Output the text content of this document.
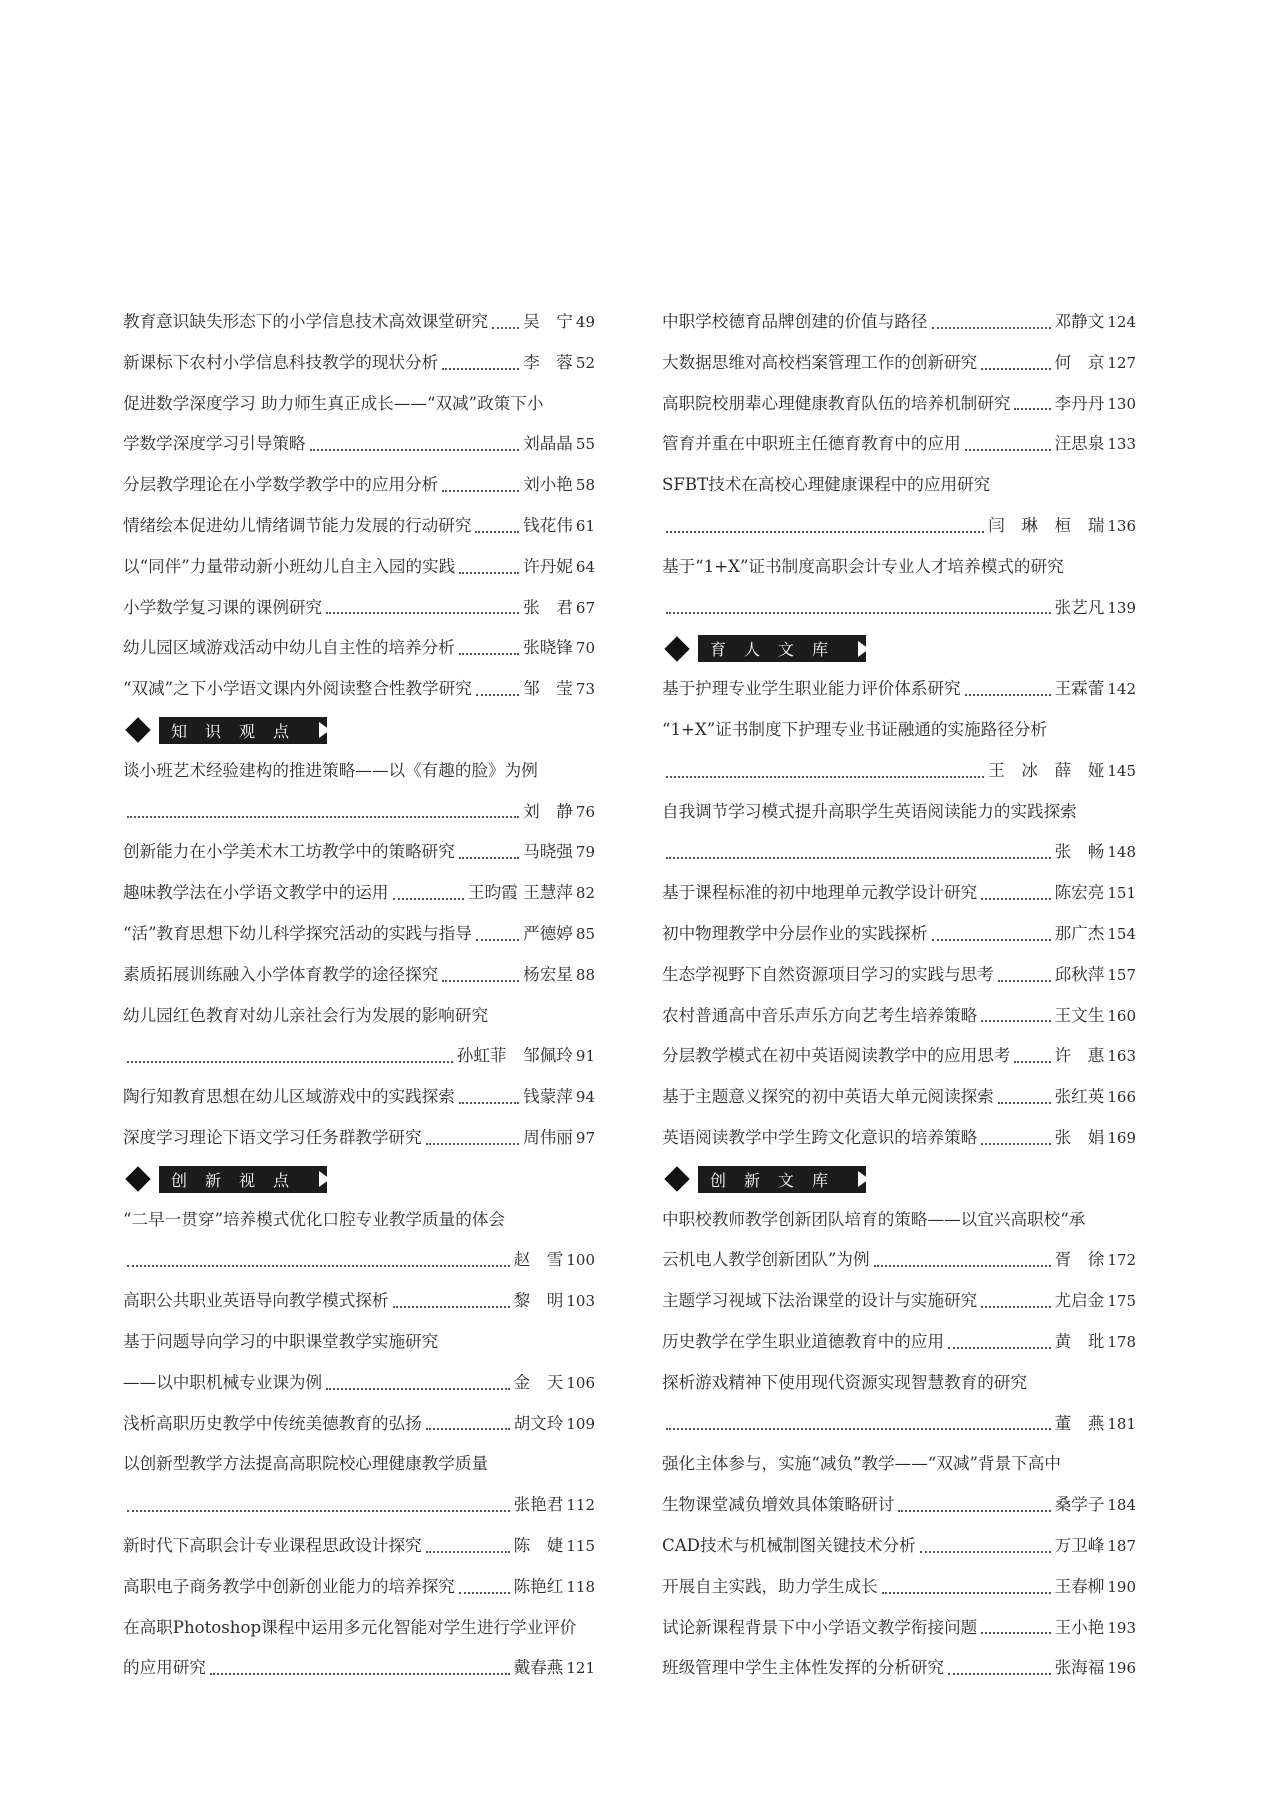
教育意识缺失形态下的小学信息技术高效课堂研究 吴　宁 49
新课标下农村小学信息科技教学的现状分析	李　蓉 52
促进数学深度学习 助力师生真正成长——“双减”政策下小
学数学深度学习引导策略	刘晶晶 55
分层教学理论在小学数学教学中的应用分析	刘小艳 58
情绪绘本促进幼儿情绪调节能力发展的行动研究	钱花伟 61
以“同伴”力量带动新小班幼儿自主入园的实践	许丹妮 64
小学数学复习课的课例研究	张　君 67
幼儿园区域游戏活动中幼儿自主性的培养分析	张晓锋 70
“双减”之下小学语文课内外阅读整合性教学研究	邹　莹 73
知识观点
谈小班艺术经验建构的推进策略——以《有趣的脸》为例
刘　静 76
创新能力在小学美术木工坊教学中的策略研究	马晓强 79
趣味教学法在小学语文教学中的运用	王昀霞 王慧萍 82
“活”教育思想下幼儿科学探究活动的实践与指导	严德婷 85
素质拓展训练融入小学体育教学的途径探究	杨宏星 88
幼儿园红色教育对幼儿亲社会行为发展的影响研究
孙虹菲　邹佩玲 91
陶行知教育思想在幼儿区域游戏中的实践探索	钱蒙萍 94
深度学习理论下语文学习任务群教学研究	周伟丽 97
创新视点
“二早一贯穿”培养模式优化口腔专业教学质量的体会
赵　雪 100
高职公共职业英语导向教学模式探析	黎　明 103
基于问题导向学习的中职课堂教学实施研究
——以中职机械专业课为例	金　天 106
浅析高职历史教学中传统美德教育的弘扬	胡文玲 109
以创新型教学方法提高高职院校心理健康教学质量
张艳君 112
新时代下高职会计专业课程思政设计探究	陈　婕 115
高职电子商务教学中创新创业能力的培养探究	陈艳红 118
在高职Photoshop课程中运用多元化智能对学生进行学业评价
的应用研究	戴春燕 121
中职学校德育品牌创建的价值与路径	邓静文 124
大数据思维对高校档案管理工作的创新研究	何　京 127
高职院校朋辈心理健康教育队伍的培养机制研究	李丹丹 130
管育并重在中职班主任德育教育中的应用	汪思泉 133
SFBT技术在高校心理健康课程中的应用研究
闫　琳　桓　瑞 136
基于“1+X”证书制度高职会计专业人才培养模式的研究
张艺凡 139
育人文库
基于护理专业学生职业能力评价体系研究	王霖蕾 142
“1+X”证书制度下护理专业书证融通的实施路径分析
王　冰　薛　娅 145
自我调节学习模式提升高职学生英语阅读能力的实践探索
张　畅 148
基于课程标准的初中地理单元教学设计研究	陈宏亮 151
初中物理教学中分层作业的实践探析	那广杰 154
生态学视野下自然资源项目学习的实践与思考	邱秋萍 157
农村普通高中音乐声乐方向艺考生培养策略	王文生 160
分层教学模式在初中英语阅读教学中的应用思考	许　惠 163
基于主题意义探究的初中英语大单元阅读探索	张红英 166
英语阅读教学中学生跨文化意识的培养策略	张　娟 169
创新文库
中职校教师教学创新团队培育的策略——以宜兴高职校“承
云机电人教学创新团队”为例	胥　徐 172
主题学习视域下法治课堂的设计与实施研究	尤启金 175
历史教学在学生职业道德教育中的应用	黄　玭 178
探析游戏精神下使用现代资源实现智慧教育的研究
董　燕 181
强化主体参与，实施“减负”教学——“双减”背景下高中
生物课堂减负增效具体策略研讨	桑学子 184
CAD技术与机械制图关键技术分析	万卫峰 187
开展自主实践，助力学生成长	王春柳 190
试论新课程背景下中小学语文教学衔接问题	王小艳 193
班级管理中学生主体性发挥的分析研究	张海福 196
